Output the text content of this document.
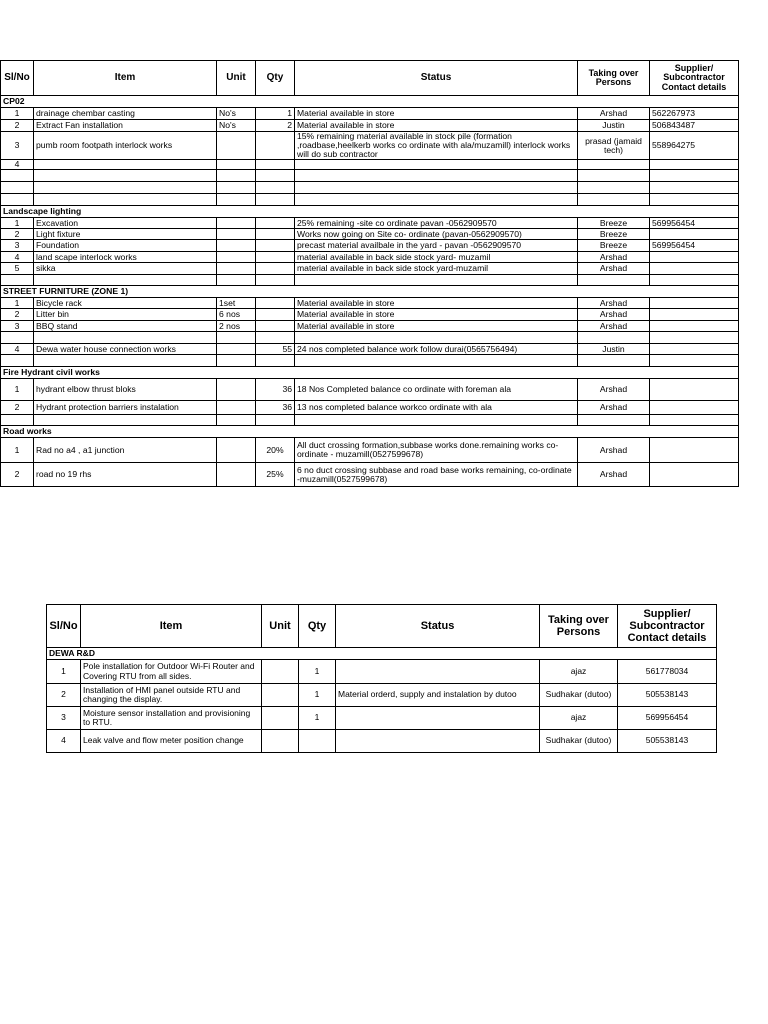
Sl/No	Item	Unit	Qty	Status	Taking over Persons	Supplier/ Subcontractor Contact details
CP02						
1	drainage chembar casting	No's	1	Material available in store	Arshad	562267973
2	Extract Fan installation	No's	2	Material available in store	Justin	506843487
3	pumb room footpath interlock works			15% remaining material available in stock pile (formation ,roadbase,heelkerb works co ordinate with ala/muzamill) interlock works will do sub contractor	prasad (jamaid tech)	558964275
4						

Landscape lighting						
1	Excavation			25% remaining -site co ordinate pavan -0562909570	Breeze	569956454
2	Light fixture			Works now going on Site co- ordinate (pavan-0562909570)	Breeze	
3	Foundation			precast material availbale in the yard - pavan -0562909570	Breeze	569956454
4	land scape interlock works			material available in back side stock yard- muzamil	Arshad	
5	sikka			material available in back side stock yard-muzamil	Arshad	

STREET FURNITURE (ZONE 1)						
1	Bicycle rack	1set		Material available in store	Arshad	
2	Litter bin	6 nos		Material available in store	Arshad	
3	BBQ stand	2 nos		Material available in store	Arshad	

4	Dewa water house connection works		55	24 nos completed balance work follow durai(0565756494)	Justin	

Fire Hydrant civil works						
1	hydrant elbow thrust bloks		36	18 Nos Completed balance co ordinate with foreman ala	Arshad	
2	Hydrant protection barriers instalation		36	13 nos completed balance workco ordinate with ala	Arshad	

Road works						
1	Rad no a4 , a1 junction		20%	All duct crossing formation,subbase works done.remaining works co-ordinate - muzamill(0527599678)	Arshad	
2	road no 19 rhs		25%	6 no duct crossing subbase and road base works remaining, co-ordinate -muzamill(0527599678)	Arshad	
Sl/No	Item	Unit	Qty	Status	Taking over Persons	Supplier/ Subcontractor Contact details
DEWA R&D						
1	Pole installation for Outdoor Wi-Fi Router and Covering RTU from all sides.		1		ajaz	561778034
2	Installation of HMI panel outside RTU and changing the display.		1	Material orderd, supply and instalation by dutoo	Sudhakar (dutoo)	505538143
3	Moisture sensor installation and provisioning to RTU.		1		ajaz	569956454
4	Leak valve and flow meter position change				Sudhakar (dutoo)	505538143
